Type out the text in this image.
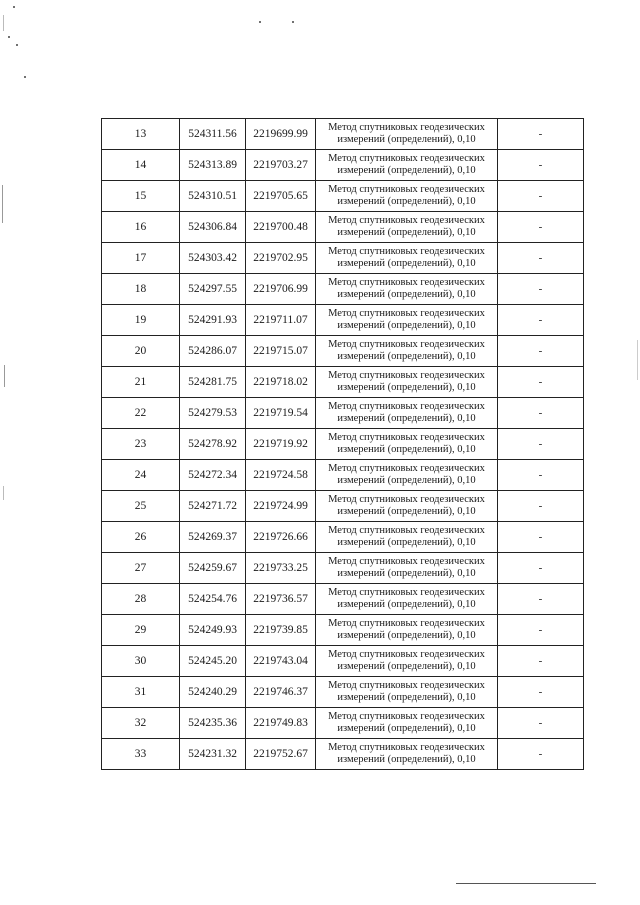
13	524311.56	2219699.99	Метод спутниковых геодезических измерений (определений), 0,10	-
14	524313.89	2219703.27	Метод спутниковых геодезических измерений (определений), 0,10	-
15	524310.51	2219705.65	Метод спутниковых геодезических измерений (определений), 0,10	-
16	524306.84	2219700.48	Метод спутниковых геодезических измерений (определений), 0,10	-
17	524303.42	2219702.95	Метод спутниковых геодезических измерений (определений), 0,10	-
18	524297.55	2219706.99	Метод спутниковых геодезических измерений (определений), 0,10	-
19	524291.93	2219711.07	Метод спутниковых геодезических измерений (определений), 0,10	-
20	524286.07	2219715.07	Метод спутниковых геодезических измерений (определений), 0,10	-
21	524281.75	2219718.02	Метод спутниковых геодезических измерений (определений), 0,10	-
22	524279.53	2219719.54	Метод спутниковых геодезических измерений (определений), 0,10	-
23	524278.92	2219719.92	Метод спутниковых геодезических измерений (определений), 0,10	-
24	524272.34	2219724.58	Метод спутниковых геодезических измерений (определений), 0,10	-
25	524271.72	2219724.99	Метод спутниковых геодезических измерений (определений), 0,10	-
26	524269.37	2219726.66	Метод спутниковых геодезических измерений (определений), 0,10	-
27	524259.67	2219733.25	Метод спутниковых геодезических измерений (определений), 0,10	-
28	524254.76	2219736.57	Метод спутниковых геодезических измерений (определений), 0,10	-
29	524249.93	2219739.85	Метод спутниковых геодезических измерений (определений), 0,10	-
30	524245.20	2219743.04	Метод спутниковых геодезических измерений (определений), 0,10	-
31	524240.29	2219746.37	Метод спутниковых геодезических измерений (определений), 0,10	-
32	524235.36	2219749.83	Метод спутниковых геодезических измерений (определений), 0,10	-
33	524231.32	2219752.67	Метод спутниковых геодезических измерений (определений), 0,10	-
